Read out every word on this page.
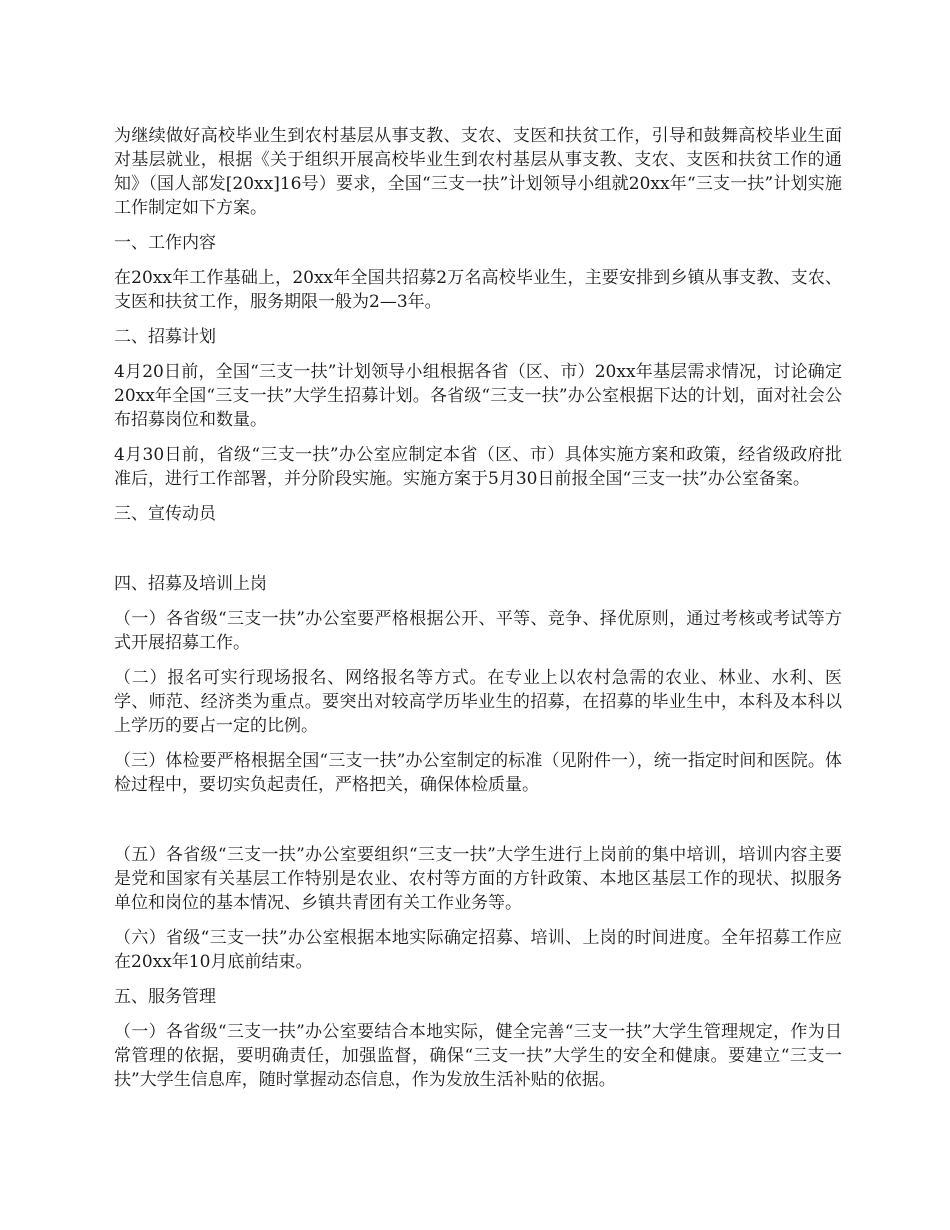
为继续做好高校毕业生到农村基层从事支教、支农、支医和扶贫工作，引导和鼓舞高校毕业生面对基层就业，根据《关于组织开展高校毕业生到农村基层从事支教、支农、支医和扶贫工作的通知》（国人部发[20xx]16号）要求，全国“三支一扶”计划领导小组就20xx年“三支一扶”计划实施工作制定如下方案。

一、工作内容

在20xx年工作基础上，20xx年全国共招募2万名高校毕业生，主要安排到乡镇从事支教、支农、支医和扶贫工作，服务期限一般为2—3年。

二、招募计划

4月20日前，全国“三支一扶”计划领导小组根据各省（区、市）20xx年基层需求情况，讨论确定20xx年全国“三支一扶”大学生招募计划。各省级“三支一扶”办公室根据下达的计划，面对社会公布招募岗位和数量。

4月30日前，省级“三支一扶”办公室应制定本省（区、市）具体实施方案和政策，经省级政府批准后，进行工作部署，并分阶段实施。实施方案于5月30日前报全国“三支一扶”办公室备案。

三、宣传动员

四、招募及培训上岗

（一）各省级“三支一扶”办公室要严格根据公开、平等、竞争、择优原则，通过考核或考试等方式开展招募工作。

（二）报名可实行现场报名、网络报名等方式。在专业上以农村急需的农业、林业、水利、医学、师范、经济类为重点。要突出对较高学历毕业生的招募，在招募的毕业生中，本科及本科以上学历的要占一定的比例。

（三）体检要严格根据全国“三支一扶”办公室制定的标准（见附件一），统一指定时间和医院。体检过程中，要切实负起责任，严格把关，确保体检质量。

（五）各省级“三支一扶”办公室要组织“三支一扶”大学生进行上岗前的集中培训，培训内容主要是党和国家有关基层工作特别是农业、农村等方面的方针政策、本地区基层工作的现状、拟服务单位和岗位的基本情况、乡镇共青团有关工作业务等。

（六）省级“三支一扶”办公室根据本地实际确定招募、培训、上岗的时间进度。全年招募工作应在20xx年10月底前结束。

五、服务管理

（一）各省级“三支一扶”办公室要结合本地实际，健全完善“三支一扶”大学生管理规定，作为日常管理的依据，要明确责任，加强监督，确保“三支一扶”大学生的安全和健康。要建立“三支一扶”大学生信息库，随时掌握动态信息，作为发放生活补贴的依据。
